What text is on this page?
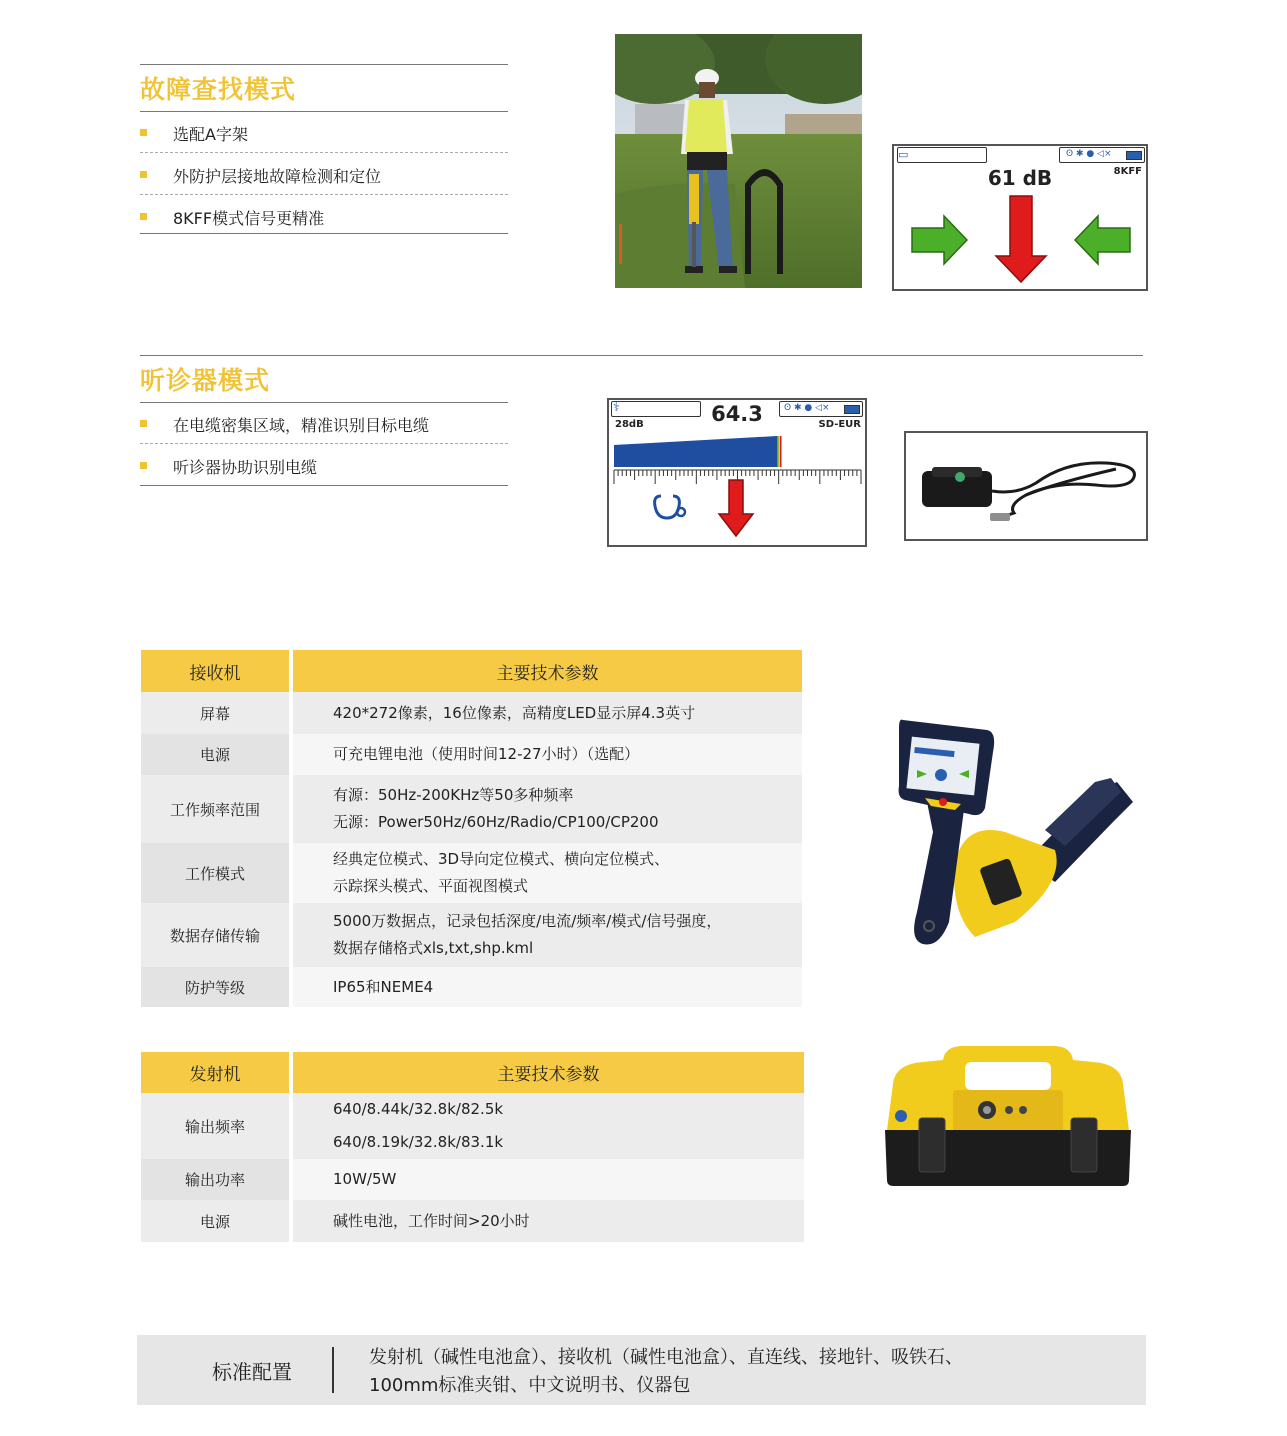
故障查找模式
选配A字架
外防护层接地故障检测和定位
8KFF模式信号更精准
▭	ʘ ✱ ● ◁×
61 dB	8KFF
听诊器模式
在电缆密集区域，精准识别目标电缆
听诊器协助识别电缆
⚕	ʘ ✱ ● ◁×
64.3
28dB	SD-EUR
接收机	主要技术参数
屏幕	420*272像素，16位像素，高精度LED显示屏4.3英寸

电源	可充电锂电池（使用时间12-27小时）（选配）

工作频率范围	有源：50Hz-200KHz等50多种频率
无源：Power50Hz/60Hz/Radio/CP100/CP200

工作模式	经典定位模式、3D导向定位模式、横向定位模式、
示踪探头模式、平面视图模式

数据存储传输	5000万数据点，记录包括深度/电流/频率/模式/信号强度，
数据存储格式xls,txt,shp.kml

防护等级	IP65和NEME4
发射机	主要技术参数
输出频率	640/8.44k/32.8k/82.5k
640/8.19k/32.8k/83.1k

输出功率	10W/5W

电源	碱性电池，工作时间>20小时
标准配置
发射机（碱性电池盒）、接收机（碱性电池盒）、直连线、接地针、吸铁石、
100mm标准夹钳、中文说明书、仪器包
